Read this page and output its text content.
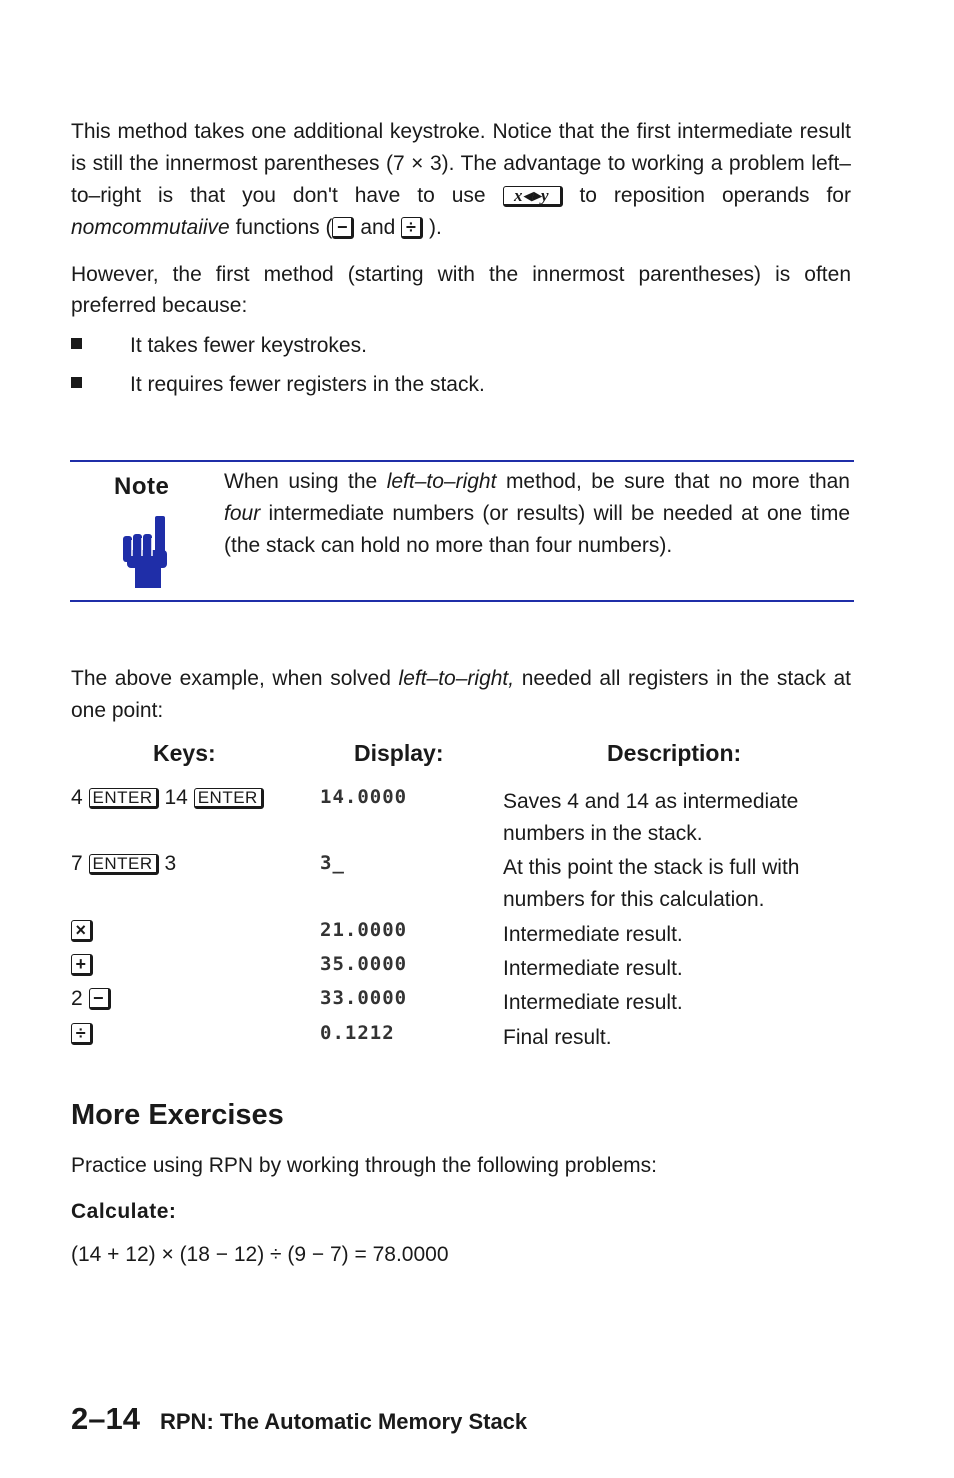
This method takes one additional keystroke. Notice that the first intermediate result is still the innermost parentheses (7 × 3). The advantage to working a problem left–to–right is that you don't have to use x◂▸y to reposition operands for nomcommutaiive functions ( − and ÷ ).

However, the first method (starting with the innermost parentheses) is often preferred because:

It takes fewer keystrokes.
It requires fewer registers in the stack.
Note	When using the left–to–right method, be sure that no more than four intermediate numbers (or results) will be needed at one time (the stack can hold no more than four numbers).

The above example, when solved left–to–right, needed all registers in the stack at one point:

Keys:	Display:	Description:
4 ENTER 14 ENTER	14.0000	Saves 4 and 14 as intermediate numbers in the stack.
7 ENTER 3	3_	At this point the stack is full with numbers for this calculation.
×	21.0000	Intermediate result.
+	35.0000	Intermediate result.
2 −	33.0000	Intermediate result.
÷	0.1212	Final result.
More Exercises
Practice using RPN by working through the following problems:
Calculate:
(14 + 12) × (18 − 12) ÷ (9 − 7) = 78.0000
2–14 RPN: The Automatic Memory Stack
